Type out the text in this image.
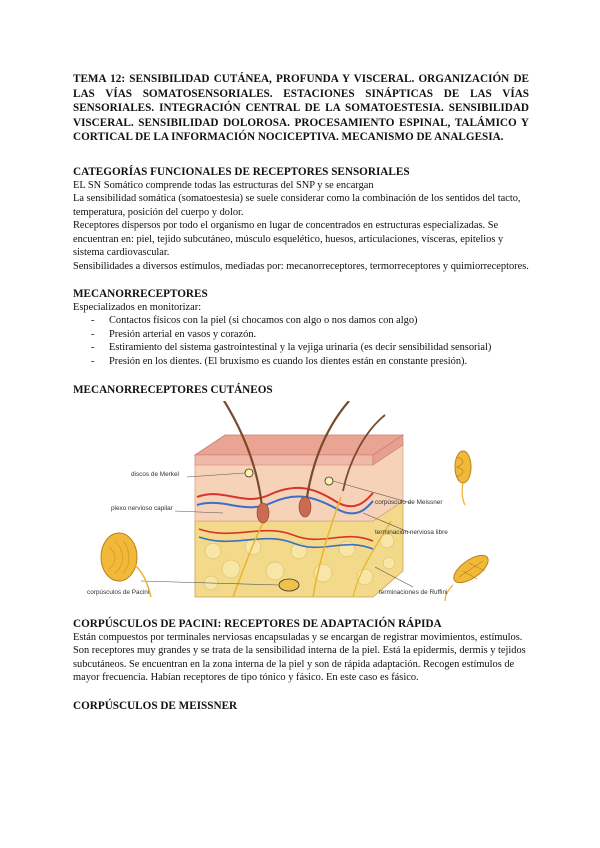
TEMA 12: SENSIBILIDAD CUTÁNEA, PROFUNDA Y VISCERAL. ORGANIZACIÓN DE LAS VÍAS SOMATOSENSORIALES. ESTACIONES SINÁPTICAS DE LAS VÍAS SENSORIALES. INTEGRACIÓN CENTRAL DE LA SOMATOESTESIA. SENSIBILIDAD VISCERAL. SENSIBILIDAD DOLOROSA. PROCESAMIENTO ESPINAL, TALÁMICO Y CORTICAL DE LA INFORMACIÓN NOCICEPTIVA. MECANISMO DE ANALGESIA.

CATEGORÍAS FUNCIONALES DE RECEPTORES SENSORIALES

EL SN Somático comprende todas las estructuras del SNP y se encargan

La sensibilidad somática (somatoestesia) se suele considerar como la combinación de los sentidos del tacto, temperatura, posición del cuerpo y dolor.

Receptores dispersos por todo el organismo en lugar de concentrados en estructuras especializadas. Se encuentran en: piel, tejido subcutáneo, músculo esquelético, huesos, articulaciones, vísceras, epitelios y sistema cardiovascular.

Sensibilidades a diversos estímulos, mediadas por: mecanorreceptores, termorreceptores y quimiorreceptores.

MECANORRECEPTORES

Especializados en monitorizar:

- Contactos físicos con la piel (si chocamos con algo o nos damos con algo)
- Presión arterial en vasos y corazón.
- Estiramiento del sistema gastrointestinal y la vejiga urinaria (es decir sensibilidad sensorial)
- Presión en los dientes. (El bruxismo es cuando los dientes están en constante presión).

MECANORRECEPTORES CUTÁNEOS

discos de Merkel
plexo nervioso capilar
corpúsculos de Pacini
corpúsculo de Meissner
terminación nerviosa libre
terminaciones de Ruffini

CORPÚSCULOS DE PACINI: RECEPTORES DE ADAPTACIÓN RÁPIDA

Están compuestos por terminales nerviosas encapsuladas y se encargan de registrar movimientos, estímulos. Son receptores muy grandes y se trata de la sensibilidad interna de la piel. Está la epidermis, dermis y tejidos subcutáneos. Se encuentran en la zona interna de la piel y son de rápida adaptación. Recogen estímulos de mayor frecuencia. Habían receptores de tipo tónico y fásico. En este caso es fásico.

CORPÚSCULOS DE MEISSNER
